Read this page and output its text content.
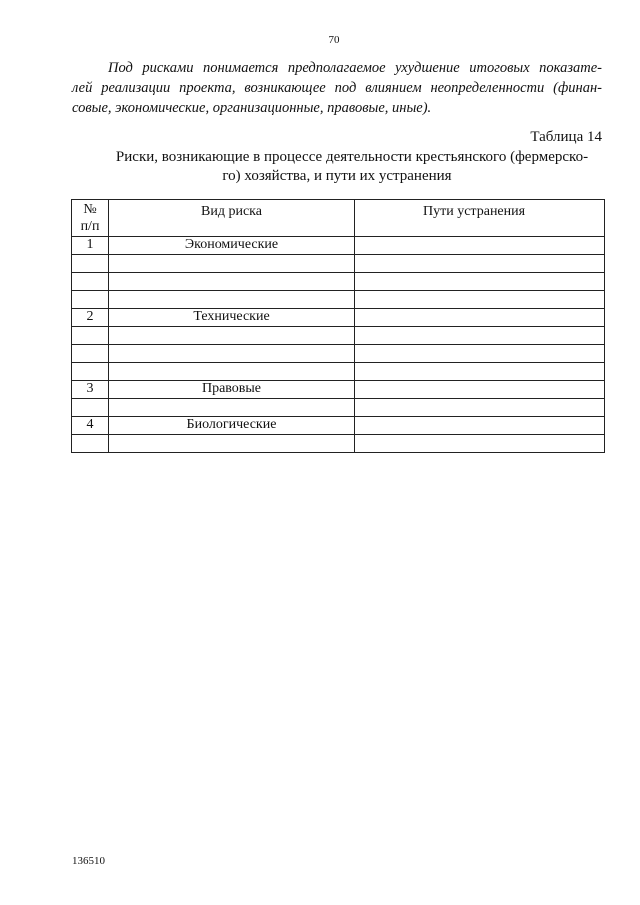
70

Под рисками понимается предполагаемое ухудшение итоговых показате-
лей реализации проекта, возникающее под влиянием неопределенности (финан-
совые, экономические, организационные, правовые, иные).

Таблица 14
Риски, возникающие в процессе деятельности крестьянского (фермерско-
го) хозяйства, и пути их устранения
№
п/п	Вид риска	Пути устранения
1	Экономические	

2	Технические	

3	Правовые	

4	Биологические	

136510
